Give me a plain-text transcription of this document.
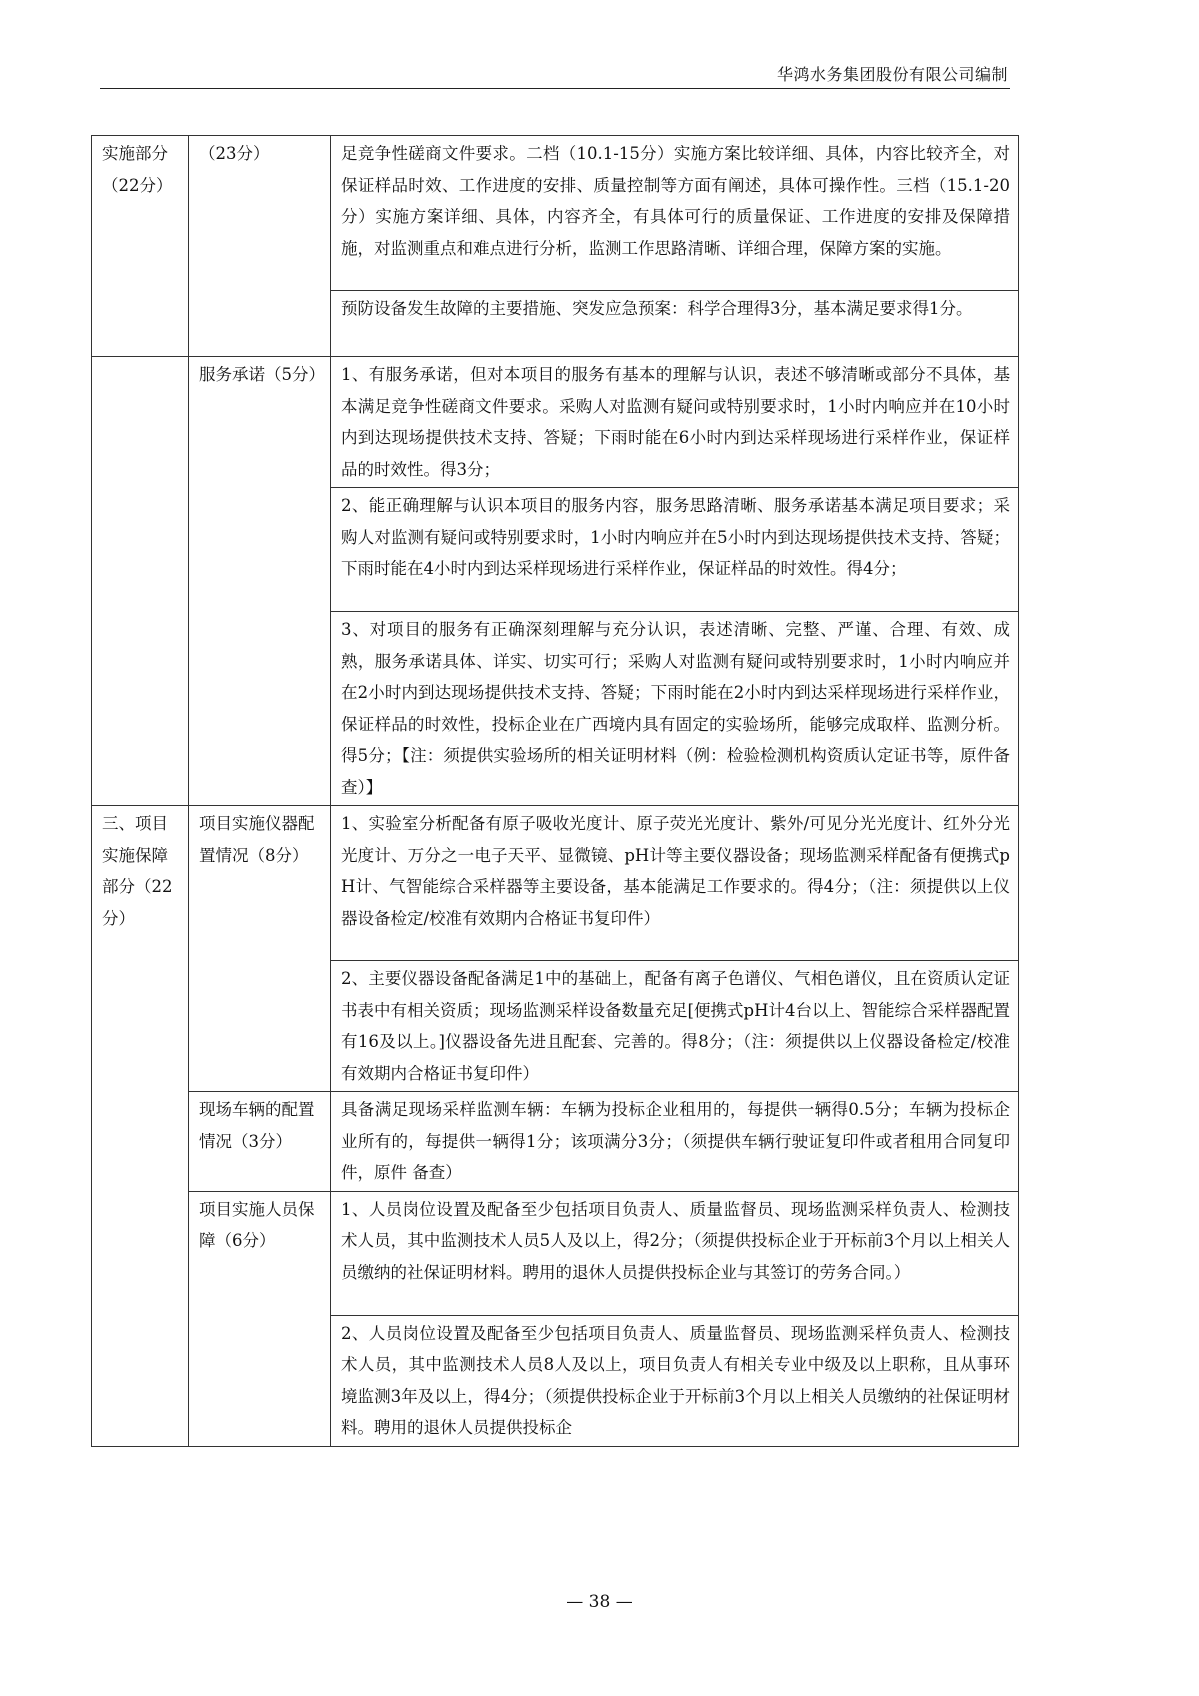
华鸿水务集团股份有限公司编制
实施部分（22分）	（23分）	足竞争性磋商文件要求。二档（10.1-15分）实施方案比较详细、具体，内容比较齐全，对保证样品时效、工作进度的安排、质量控制等方面有阐述，具体可操作性。三档（15.1-20分）实施方案详细、具体，内容齐全，有具体可行的质量保证、工作进度的安排及保障措施，对监测重点和难点进行分析，监测工作思路清晰、详细合理，保障方案的实施。
		预防设备发生故障的主要措施、突发应急预案：科学合理得3分，基本满足要求得1分。
	服务承诺（5分）	1、有服务承诺，但对本项目的服务有基本的理解与认识，表述不够清晰或部分不具体，基本满足竞争性磋商文件要求。采购人对监测有疑问或特别要求时，1小时内响应并在10小时内到达现场提供技术支持、答疑；下雨时能在6小时内到达采样现场进行采样作业，保证样品的时效性。得3分；
		2、能正确理解与认识本项目的服务内容，服务思路清晰、服务承诺基本满足项目要求；采购人对监测有疑问或特别要求时，1小时内响应并在5小时内到达现场提供技术支持、答疑；下雨时能在4小时内到达采样现场进行采样作业，保证样品的时效性。得4分；
		3、对项目的服务有正确深刻理解与充分认识，表述清晰、完整、严谨、合理、有效、成熟，服务承诺具体、详实、切实可行；采购人对监测有疑问或特别要求时，1小时内响应并在2小时内到达现场提供技术支持、答疑；下雨时能在2小时内到达采样现场进行采样作业，保证样品的时效性，投标企业在广西境内具有固定的实验场所，能够完成取样、监测分析。得5分；【注：须提供实验场所的相关证明材料（例：检验检测机构资质认定证书等，原件备查）】
三、项目实施保障部分（22分）	项目实施仪器配置情况（8分）	1、实验室分析配备有原子吸收光度计、原子荧光光度计、紫外/可见分光光度计、红外分光光度计、万分之一电子天平、显微镜、pH计等主要仪器设备；现场监测采样配备有便携式pH计、气智能综合采样器等主要设备，基本能满足工作要求的。得4分；（注：须提供以上仪器设备检定/校准有效期内合格证书复印件）
		2、主要仪器设备配备满足1中的基础上，配备有离子色谱仪、气相色谱仪，且在资质认定证书表中有相关资质；现场监测采样设备数量充足[便携式pH计4台以上、智能综合采样器配置有16及以上。]仪器设备先进且配套、完善的。得8分；（注：须提供以上仪器设备检定/校准有效期内合格证书复印件）
	现场车辆的配置情况（3分）	具备满足现场采样监测车辆：车辆为投标企业租用的，每提供一辆得0.5分；车辆为投标企业所有的，每提供一辆得1分；该项满分3分；（须提供车辆行驶证复印件或者租用合同复印件，原件 备查）
	项目实施人员保障（6分）	1、人员岗位设置及配备至少包括项目负责人、质量监督员、现场监测采样负责人、检测技术人员，其中监测技术人员5人及以上，得2分；（须提供投标企业于开标前3个月以上相关人员缴纳的社保证明材料。聘用的退休人员提供投标企业与其签订的劳务合同。）
		2、人员岗位设置及配备至少包括项目负责人、质量监督员、现场监测采样负责人、检测技术人员，其中监测技术人员8人及以上，项目负责人有相关专业中级及以上职称，且从事环境监测3年及以上，得4分；（须提供投标企业于开标前3个月以上相关人员缴纳的社保证明材料。聘用的退休人员提供投标企
— 38 —
